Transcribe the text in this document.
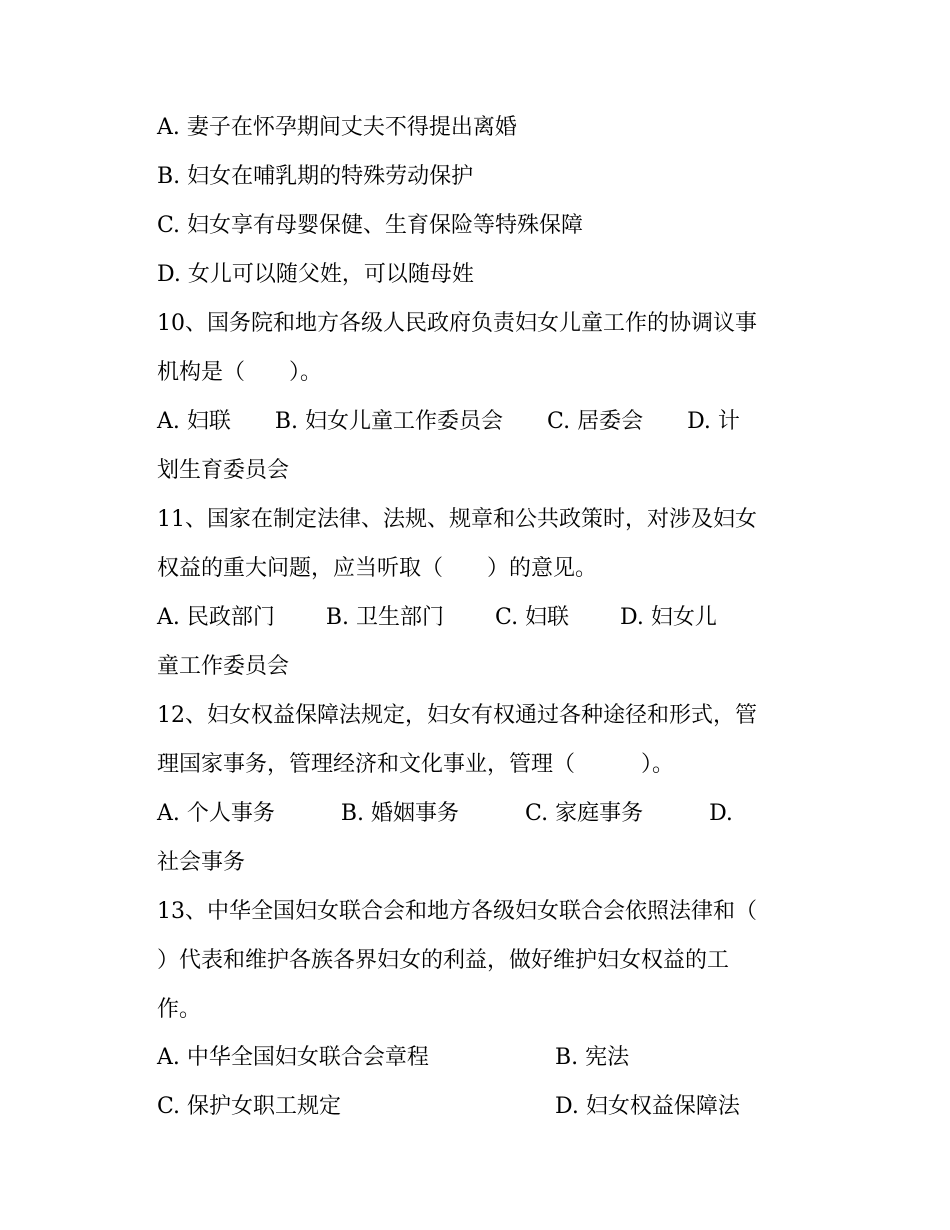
A. 妻子在怀孕期间丈夫不得提出离婚
B. 妇女在哺乳期的特殊劳动保护
C. 妇女享有母婴保健、生育保险等特殊保障
D. 女儿可以随父姓，可以随母姓
10、国务院和地方各级人民政府负责妇女儿童工作的协调议事
机构是（　　）。
A. 妇联　　B. 妇女儿童工作委员会　　C. 居委会　　D. 计
划生育委员会
11、国家在制定法律、法规、规章和公共政策时，对涉及妇女
权益的重大问题，应当听取（　　）的意见。
A. 民政部门　　 B. 卫生部门　　 C. 妇联　　 D. 妇女儿
童工作委员会
12、妇女权益保障法规定，妇女有权通过各种途径和形式，管
理国家事务，管理经济和文化事业，管理（　　　）。
A. 个人事务　　　B. 婚姻事务　　　C. 家庭事务　　　D.
社会事务
13、中华全国妇女联合会和地方各级妇女联合会依照法律和（
）代表和维护各族各界妇女的利益，做好维护妇女权益的工
作。
A. 中华全国妇女联合会章程	B. 宪法
C. 保护女职工规定	D. 妇女权益保障法
